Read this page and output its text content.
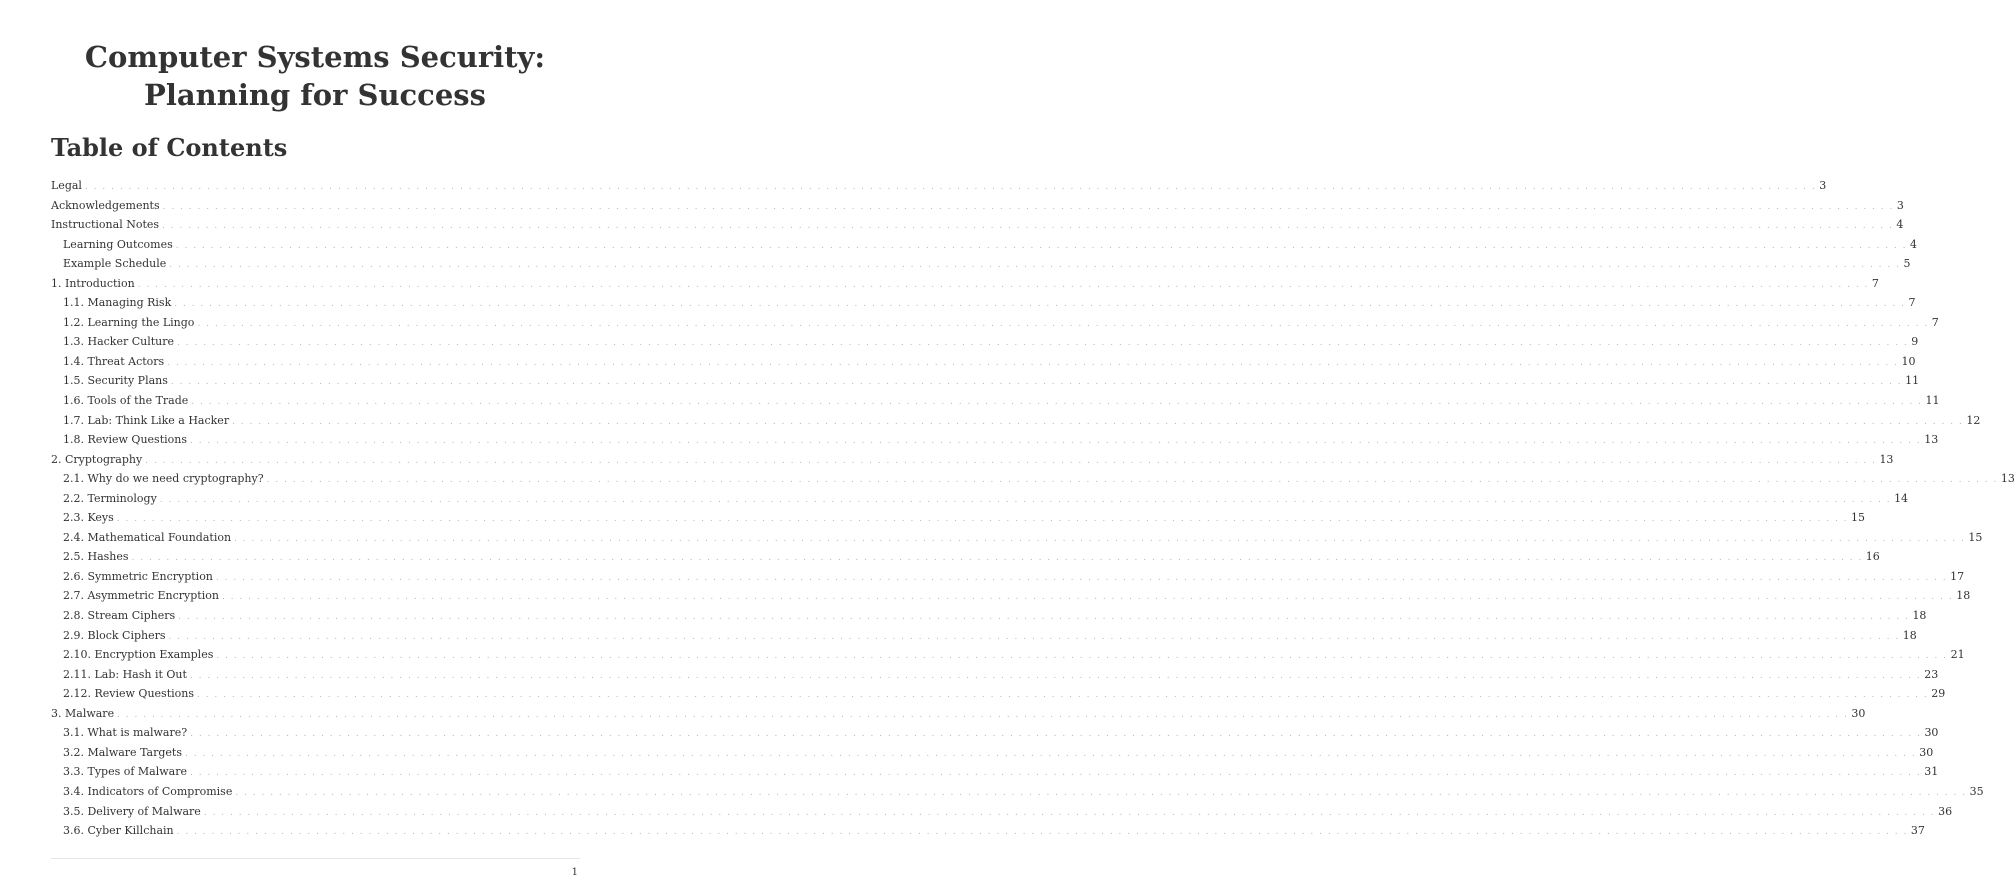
Computer Systems Security:
Planning for Success
Table of Contents
Legal . . . . . . . . . . . . . . . . . . . . . . . . . . . . . . . . . . . . . . . . . . . . . . . . . . . . . . . . . . . . . . . . . . . . . . . . . . . . . . . . . . . . . . . . . . . . . . . . . . . . . . . . . . . . . . . . . . . . . . . . . . . . . . . . . . . . . . . . . . . . . . . . . . . . . . . . . . . . . . . . . . . . . . . . . . . . . . . . . . . . . . . . . . . . . . . . . . . . . . . 3
Acknowledgements . . . . . . . . . . . . . . . . . . . . . . . . . . . . . . . . . . . . . . . . . . . . . . . . . . . . . . . . . . . . . . . . . . . . . . . . . . . . . . . . . . . . . . . . . . . . . . . . . . . . . . . . . . . . . . . . . . . . . . . . . . . . . . . . . . . . . . . . . . . . . . . . . . . . . . . . . . . . . . . . . . . . . . . . . . . . . . . . . . . . . . . . . . . . . . . . . . . . . . . 3
Instructional Notes . . . . . . . . . . . . . . . . . . . . . . . . . . . . . . . . . . . . . . . . . . . . . . . . . . . . . . . . . . . . . . . . . . . . . . . . . . . . . . . . . . . . . . . . . . . . . . . . . . . . . . . . . . . . . . . . . . . . . . . . . . . . . . . . . . . . . . . . . . . . . . . . . . . . . . . . . . . . . . . . . . . . . . . . . . . . . . . . . . . . . . . . . . . . . . . . . . . . . . . 4
Learning Outcomes . . . . . . . . . . . . . . . . . . . . . . . . . . . . . . . . . . . . . . . . . . . . . . . . . . . . . . . . . . . . . . . . . . . . . . . . . . . . . . . . . . . . . . . . . . . . . . . . . . . . . . . . . . . . . . . . . . . . . . . . . . . . . . . . . . . . . . . . . . . . . . . . . . . . . . . . . . . . . . . . . . . . . . . . . . . . . . . . . . . . . . . . . . . . . . . . . . . . . . . 4
Example Schedule . . . . . . . . . . . . . . . . . . . . . . . . . . . . . . . . . . . . . . . . . . . . . . . . . . . . . . . . . . . . . . . . . . . . . . . . . . . . . . . . . . . . . . . . . . . . . . . . . . . . . . . . . . . . . . . . . . . . . . . . . . . . . . . . . . . . . . . . . . . . . . . . . . . . . . . . . . . . . . . . . . . . . . . . . . . . . . . . . . . . . . . . . . . . . . . . . . . . . . . 5
1. Introduction . . . . . . . . . . . . . . . . . . . . . . . . . . . . . . . . . . . . . . . . . . . . . . . . . . . . . . . . . . . . . . . . . . . . . . . . . . . . . . . . . . . . . . . . . . . . . . . . . . . . . . . . . . . . . . . . . . . . . . . . . . . . . . . . . . . . . . . . . . . . . . . . . . . . . . . . . . . . . . . . . . . . . . . . . . . . . . . . . . . . . . . . . . . . . . . . . . . . . . . 7
1.1. Managing Risk . . . . . . . . . . . . . . . . . . . . . . . . . . . . . . . . . . . . . . . . . . . . . . . . . . . . . . . . . . . . . . . . . . . . . . . . . . . . . . . . . . . . . . . . . . . . . . . . . . . . . . . . . . . . . . . . . . . . . . . . . . . . . . . . . . . . . . . . . . . . . . . . . . . . . . . . . . . . . . . . . . . . . . . . . . . . . . . . . . . . . . . . . . . . . . . . . . . . . . . 7
1.2. Learning the Lingo . . . . . . . . . . . . . . . . . . . . . . . . . . . . . . . . . . . . . . . . . . . . . . . . . . . . . . . . . . . . . . . . . . . . . . . . . . . . . . . . . . . . . . . . . . . . . . . . . . . . . . . . . . . . . . . . . . . . . . . . . . . . . . . . . . . . . . . . . . . . . . . . . . . . . . . . . . . . . . . . . . . . . . . . . . . . . . . . . . . . . . . . . . . . . . . . . . . . . . . 7
1.3. Hacker Culture . . . . . . . . . . . . . . . . . . . . . . . . . . . . . . . . . . . . . . . . . . . . . . . . . . . . . . . . . . . . . . . . . . . . . . . . . . . . . . . . . . . . . . . . . . . . . . . . . . . . . . . . . . . . . . . . . . . . . . . . . . . . . . . . . . . . . . . . . . . . . . . . . . . . . . . . . . . . . . . . . . . . . . . . . . . . . . . . . . . . . . . . . . . . . . . . . . . . . . . 9
1.4. Threat Actors . . . . . . . . . . . . . . . . . . . . . . . . . . . . . . . . . . . . . . . . . . . . . . . . . . . . . . . . . . . . . . . . . . . . . . . . . . . . . . . . . . . . . . . . . . . . . . . . . . . . . . . . . . . . . . . . . . . . . . . . . . . . . . . . . . . . . . . . . . . . . . . . . . . . . . . . . . . . . . . . . . . . . . . . . . . . . . . . . . . . . . . . . . . . . . . . . . . . . . . 10
1.5. Security Plans . . . . . . . . . . . . . . . . . . . . . . . . . . . . . . . . . . . . . . . . . . . . . . . . . . . . . . . . . . . . . . . . . . . . . . . . . . . . . . . . . . . . . . . . . . . . . . . . . . . . . . . . . . . . . . . . . . . . . . . . . . . . . . . . . . . . . . . . . . . . . . . . . . . . . . . . . . . . . . . . . . . . . . . . . . . . . . . . . . . . . . . . . . . . . . . . . . . . . . . 11
1.6. Tools of the Trade . . . . . . . . . . . . . . . . . . . . . . . . . . . . . . . . . . . . . . . . . . . . . . . . . . . . . . . . . . . . . . . . . . . . . . . . . . . . . . . . . . . . . . . . . . . . . . . . . . . . . . . . . . . . . . . . . . . . . . . . . . . . . . . . . . . . . . . . . . . . . . . . . . . . . . . . . . . . . . . . . . . . . . . . . . . . . . . . . . . . . . . . . . . . . . . . . . . . . . . 11
1.7. Lab: Think Like a Hacker . . . . . . . . . . . . . . . . . . . . . . . . . . . . . . . . . . . . . . . . . . . . . . . . . . . . . . . . . . . . . . . . . . . . . . . . . . . . . . . . . . . . . . . . . . . . . . . . . . . . . . . . . . . . . . . . . . . . . . . . . . . . . . . . . . . . . . . . . . . . . . . . . . . . . . . . . . . . . . . . . . . . . . . . . . . . . . . . . . . . . . . . . . . . . . . . . . . . . . . 12
1.8. Review Questions . . . . . . . . . . . . . . . . . . . . . . . . . . . . . . . . . . . . . . . . . . . . . . . . . . . . . . . . . . . . . . . . . . . . . . . . . . . . . . . . . . . . . . . . . . . . . . . . . . . . . . . . . . . . . . . . . . . . . . . . . . . . . . . . . . . . . . . . . . . . . . . . . . . . . . . . . . . . . . . . . . . . . . . . . . . . . . . . . . . . . . . . . . . . . . . . . . . . . . . 13
2. Cryptography . . . . . . . . . . . . . . . . . . . . . . . . . . . . . . . . . . . . . . . . . . . . . . . . . . . . . . . . . . . . . . . . . . . . . . . . . . . . . . . . . . . . . . . . . . . . . . . . . . . . . . . . . . . . . . . . . . . . . . . . . . . . . . . . . . . . . . . . . . . . . . . . . . . . . . . . . . . . . . . . . . . . . . . . . . . . . . . . . . . . . . . . . . . . . . . . . . . . . . . 13
2.1. Why do we need cryptography? . . . . . . . . . . . . . . . . . . . . . . . . . . . . . . . . . . . . . . . . . . . . . . . . . . . . . . . . . . . . . . . . . . . . . . . . . . . . . . . . . . . . . . . . . . . . . . . . . . . . . . . . . . . . . . . . . . . . . . . . . . . . . . . . . . . . . . . . . . . . . . . . . . . . . . . . . . . . . . . . . . . . . . . . . . . . . . . . . . . . . . . . . . . . . . . . . . . . . . . 13
2.2. Terminology . . . . . . . . . . . . . . . . . . . . . . . . . . . . . . . . . . . . . . . . . . . . . . . . . . . . . . . . . . . . . . . . . . . . . . . . . . . . . . . . . . . . . . . . . . . . . . . . . . . . . . . . . . . . . . . . . . . . . . . . . . . . . . . . . . . . . . . . . . . . . . . . . . . . . . . . . . . . . . . . . . . . . . . . . . . . . . . . . . . . . . . . . . . . . . . . . . . . . . . 14
2.3. Keys . . . . . . . . . . . . . . . . . . . . . . . . . . . . . . . . . . . . . . . . . . . . . . . . . . . . . . . . . . . . . . . . . . . . . . . . . . . . . . . . . . . . . . . . . . . . . . . . . . . . . . . . . . . . . . . . . . . . . . . . . . . . . . . . . . . . . . . . . . . . . . . . . . . . . . . . . . . . . . . . . . . . . . . . . . . . . . . . . . . . . . . . . . . . . . . . . . . . . . . 15
2.4. Mathematical Foundation . . . . . . . . . . . . . . . . . . . . . . . . . . . . . . . . . . . . . . . . . . . . . . . . . . . . . . . . . . . . . . . . . . . . . . . . . . . . . . . . . . . . . . . . . . . . . . . . . . . . . . . . . . . . . . . . . . . . . . . . . . . . . . . . . . . . . . . . . . . . . . . . . . . . . . . . . . . . . . . . . . . . . . . . . . . . . . . . . . . . . . . . . . . . . . . . . . . . . . . 15
2.5. Hashes . . . . . . . . . . . . . . . . . . . . . . . . . . . . . . . . . . . . . . . . . . . . . . . . . . . . . . . . . . . . . . . . . . . . . . . . . . . . . . . . . . . . . . . . . . . . . . . . . . . . . . . . . . . . . . . . . . . . . . . . . . . . . . . . . . . . . . . . . . . . . . . . . . . . . . . . . . . . . . . . . . . . . . . . . . . . . . . . . . . . . . . . . . . . . . . . . . . . . . . 16
2.6. Symmetric Encryption . . . . . . . . . . . . . . . . . . . . . . . . . . . . . . . . . . . . . . . . . . . . . . . . . . . . . . . . . . . . . . . . . . . . . . . . . . . . . . . . . . . . . . . . . . . . . . . . . . . . . . . . . . . . . . . . . . . . . . . . . . . . . . . . . . . . . . . . . . . . . . . . . . . . . . . . . . . . . . . . . . . . . . . . . . . . . . . . . . . . . . . . . . . . . . . . . . . . . . . 17
2.7. Asymmetric Encryption . . . . . . . . . . . . . . . . . . . . . . . . . . . . . . . . . . . . . . . . . . . . . . . . . . . . . . . . . . . . . . . . . . . . . . . . . . . . . . . . . . . . . . . . . . . . . . . . . . . . . . . . . . . . . . . . . . . . . . . . . . . . . . . . . . . . . . . . . . . . . . . . . . . . . . . . . . . . . . . . . . . . . . . . . . . . . . . . . . . . . . . . . . . . . . . . . . . . . . . 18
2.8. Stream Ciphers . . . . . . . . . . . . . . . . . . . . . . . . . . . . . . . . . . . . . . . . . . . . . . . . . . . . . . . . . . . . . . . . . . . . . . . . . . . . . . . . . . . . . . . . . . . . . . . . . . . . . . . . . . . . . . . . . . . . . . . . . . . . . . . . . . . . . . . . . . . . . . . . . . . . . . . . . . . . . . . . . . . . . . . . . . . . . . . . . . . . . . . . . . . . . . . . . . . . . . . 18
2.9. Block Ciphers . . . . . . . . . . . . . . . . . . . . . . . . . . . . . . . . . . . . . . . . . . . . . . . . . . . . . . . . . . . . . . . . . . . . . . . . . . . . . . . . . . . . . . . . . . . . . . . . . . . . . . . . . . . . . . . . . . . . . . . . . . . . . . . . . . . . . . . . . . . . . . . . . . . . . . . . . . . . . . . . . . . . . . . . . . . . . . . . . . . . . . . . . . . . . . . . . . . . . . . 18
2.10. Encryption Examples . . . . . . . . . . . . . . . . . . . . . . . . . . . . . . . . . . . . . . . . . . . . . . . . . . . . . . . . . . . . . . . . . . . . . . . . . . . . . . . . . . . . . . . . . . . . . . . . . . . . . . . . . . . . . . . . . . . . . . . . . . . . . . . . . . . . . . . . . . . . . . . . . . . . . . . . . . . . . . . . . . . . . . . . . . . . . . . . . . . . . . . . . . . . . . . . . . . . . . . 21
2.11. Lab: Hash it Out . . . . . . . . . . . . . . . . . . . . . . . . . . . . . . . . . . . . . . . . . . . . . . . . . . . . . . . . . . . . . . . . . . . . . . . . . . . . . . . . . . . . . . . . . . . . . . . . . . . . . . . . . . . . . . . . . . . . . . . . . . . . . . . . . . . . . . . . . . . . . . . . . . . . . . . . . . . . . . . . . . . . . . . . . . . . . . . . . . . . . . . . . . . . . . . . . . . . . . . 23
2.12. Review Questions . . . . . . . . . . . . . . . . . . . . . . . . . . . . . . . . . . . . . . . . . . . . . . . . . . . . . . . . . . . . . . . . . . . . . . . . . . . . . . . . . . . . . . . . . . . . . . . . . . . . . . . . . . . . . . . . . . . . . . . . . . . . . . . . . . . . . . . . . . . . . . . . . . . . . . . . . . . . . . . . . . . . . . . . . . . . . . . . . . . . . . . . . . . . . . . . . . . . . . . 29
3. Malware . . . . . . . . . . . . . . . . . . . . . . . . . . . . . . . . . . . . . . . . . . . . . . . . . . . . . . . . . . . . . . . . . . . . . . . . . . . . . . . . . . . . . . . . . . . . . . . . . . . . . . . . . . . . . . . . . . . . . . . . . . . . . . . . . . . . . . . . . . . . . . . . . . . . . . . . . . . . . . . . . . . . . . . . . . . . . . . . . . . . . . . . . . . . . . . . . . . . . . . 30
3.1. What is malware? . . . . . . . . . . . . . . . . . . . . . . . . . . . . . . . . . . . . . . . . . . . . . . . . . . . . . . . . . . . . . . . . . . . . . . . . . . . . . . . . . . . . . . . . . . . . . . . . . . . . . . . . . . . . . . . . . . . . . . . . . . . . . . . . . . . . . . . . . . . . . . . . . . . . . . . . . . . . . . . . . . . . . . . . . . . . . . . . . . . . . . . . . . . . . . . . . . . . . . . 30
3.2. Malware Targets . . . . . . . . . . . . . . . . . . . . . . . . . . . . . . . . . . . . . . . . . . . . . . . . . . . . . . . . . . . . . . . . . . . . . . . . . . . . . . . . . . . . . . . . . . . . . . . . . . . . . . . . . . . . . . . . . . . . . . . . . . . . . . . . . . . . . . . . . . . . . . . . . . . . . . . . . . . . . . . . . . . . . . . . . . . . . . . . . . . . . . . . . . . . . . . . . . . . . . . 30
3.3. Types of Malware . . . . . . . . . . . . . . . . . . . . . . . . . . . . . . . . . . . . . . . . . . . . . . . . . . . . . . . . . . . . . . . . . . . . . . . . . . . . . . . . . . . . . . . . . . . . . . . . . . . . . . . . . . . . . . . . . . . . . . . . . . . . . . . . . . . . . . . . . . . . . . . . . . . . . . . . . . . . . . . . . . . . . . . . . . . . . . . . . . . . . . . . . . . . . . . . . . . . . . . 31
3.4. Indicators of Compromise . . . . . . . . . . . . . . . . . . . . . . . . . . . . . . . . . . . . . . . . . . . . . . . . . . . . . . . . . . . . . . . . . . . . . . . . . . . . . . . . . . . . . . . . . . . . . . . . . . . . . . . . . . . . . . . . . . . . . . . . . . . . . . . . . . . . . . . . . . . . . . . . . . . . . . . . . . . . . . . . . . . . . . . . . . . . . . . . . . . . . . . . . . . . . . . . . . . . . . . 35
3.5. Delivery of Malware . . . . . . . . . . . . . . . . . . . . . . . . . . . . . . . . . . . . . . . . . . . . . . . . . . . . . . . . . . . . . . . . . . . . . . . . . . . . . . . . . . . . . . . . . . . . . . . . . . . . . . . . . . . . . . . . . . . . . . . . . . . . . . . . . . . . . . . . . . . . . . . . . . . . . . . . . . . . . . . . . . . . . . . . . . . . . . . . . . . . . . . . . . . . . . . . . . . . . . . 36
3.6. Cyber Killchain . . . . . . . . . . . . . . . . . . . . . . . . . . . . . . . . . . . . . . . . . . . . . . . . . . . . . . . . . . . . . . . . . . . . . . . . . . . . . . . . . . . . . . . . . . . . . . . . . . . . . . . . . . . . . . . . . . . . . . . . . . . . . . . . . . . . . . . . . . . . . . . . . . . . . . . . . . . . . . . . . . . . . . . . . . . . . . . . . . . . . . . . . . . . . . . . . . . . . . . 37
1
